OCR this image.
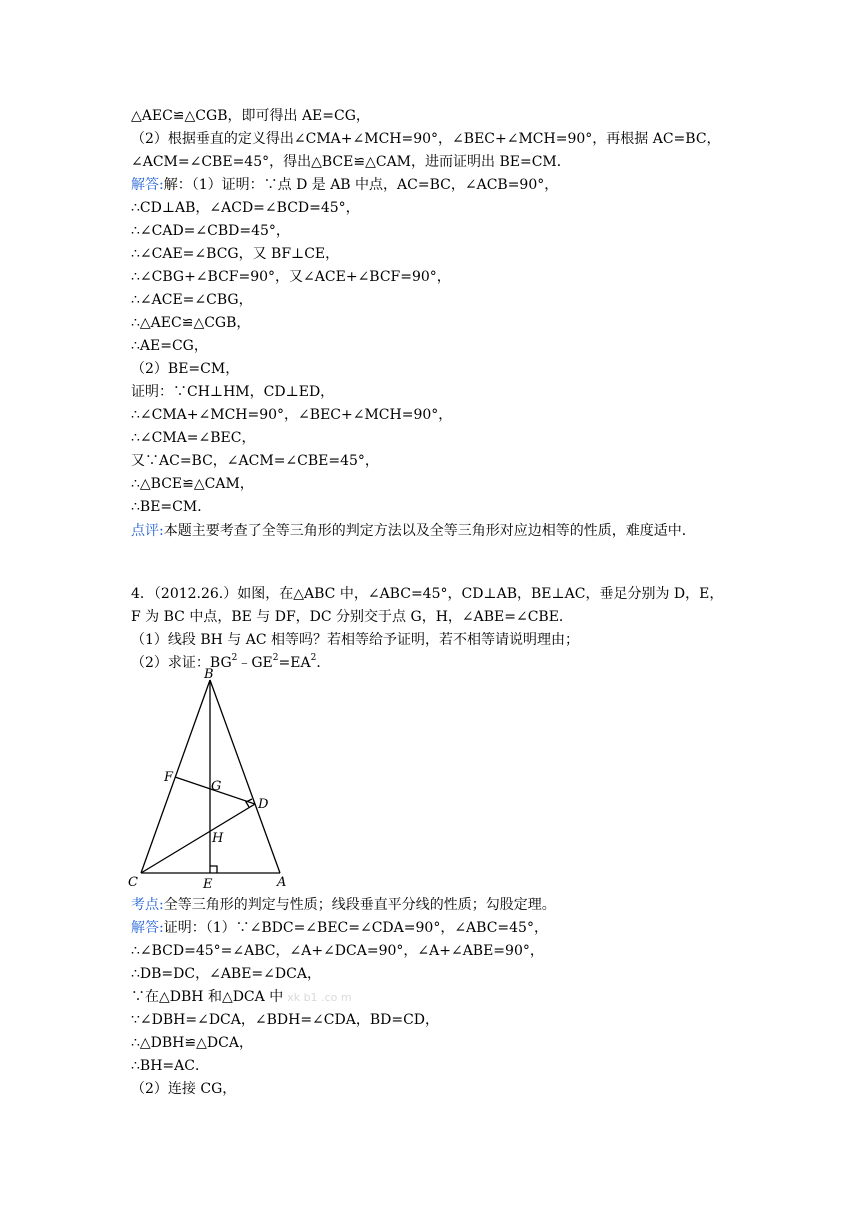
△AEC≌△CGB，即可得出 AE=CG，
（2）根据垂直的定义得出∠CMA+∠MCH=90°，∠BEC+∠MCH=90°，再根据 AC=BC，
∠ACM=∠CBE=45°，得出△BCE≌△CAM，进而证明出 BE=CM．
解答:解：（1）证明：∵点 D 是 AB 中点，AC=BC，∠ACB=90°，
∴CD⊥AB，∠ACD=∠BCD=45°，
∴∠CAD=∠CBD=45°，
∴∠CAE=∠BCG，又 BF⊥CE，
∴∠CBG+∠BCF=90°，又∠ACE+∠BCF=90°，
∴∠ACE=∠CBG，
∴△AEC≌△CGB，
∴AE=CG，
（2）BE=CM，
证明：∵CH⊥HM，CD⊥ED，
∴∠CMA+∠MCH=90°，∠BEC+∠MCH=90°，
∴∠CMA=∠BEC，
又∵AC=BC，∠ACM=∠CBE=45°，
∴△BCE≌△CAM，
∴BE=CM．
点评:本题主要考查了全等三角形的判定方法以及全等三角形对应边相等的性质，难度适中．
4．（2012.26.）如图，在△ABC 中，∠ABC=45°，CD⊥AB，BE⊥AC，垂足分别为 D，E，
F 为 BC 中点，BE 与 DF，DC 分别交于点 G，H，∠ABE=∠CBE．
（1）线段 BH 与 AC 相等吗？若相等给予证明，若不相等请说明理由；
（2）求证：$BG^2﹣GE^2=EA^2$．
B
F
G
D
H
C	E	A
考点:全等三角形的判定与性质；线段垂直平分线的性质；勾股定理。
解答:证明：（1）∵∠BDC=∠BEC=∠CDA=90°，∠ABC=45°，
∴∠BCD=45°=∠ABC，∠A+∠DCA=90°，∠A+∠ABE=90°，
∴DB=DC，∠ABE=∠DCA，
∵在△DBH 和△DCA 中 xk b1 .co m
∵∠DBH=∠DCA，∠BDH=∠CDA，BD=CD，
∴△DBH≌△DCA，
∴BH=AC．
（2）连接 CG，
